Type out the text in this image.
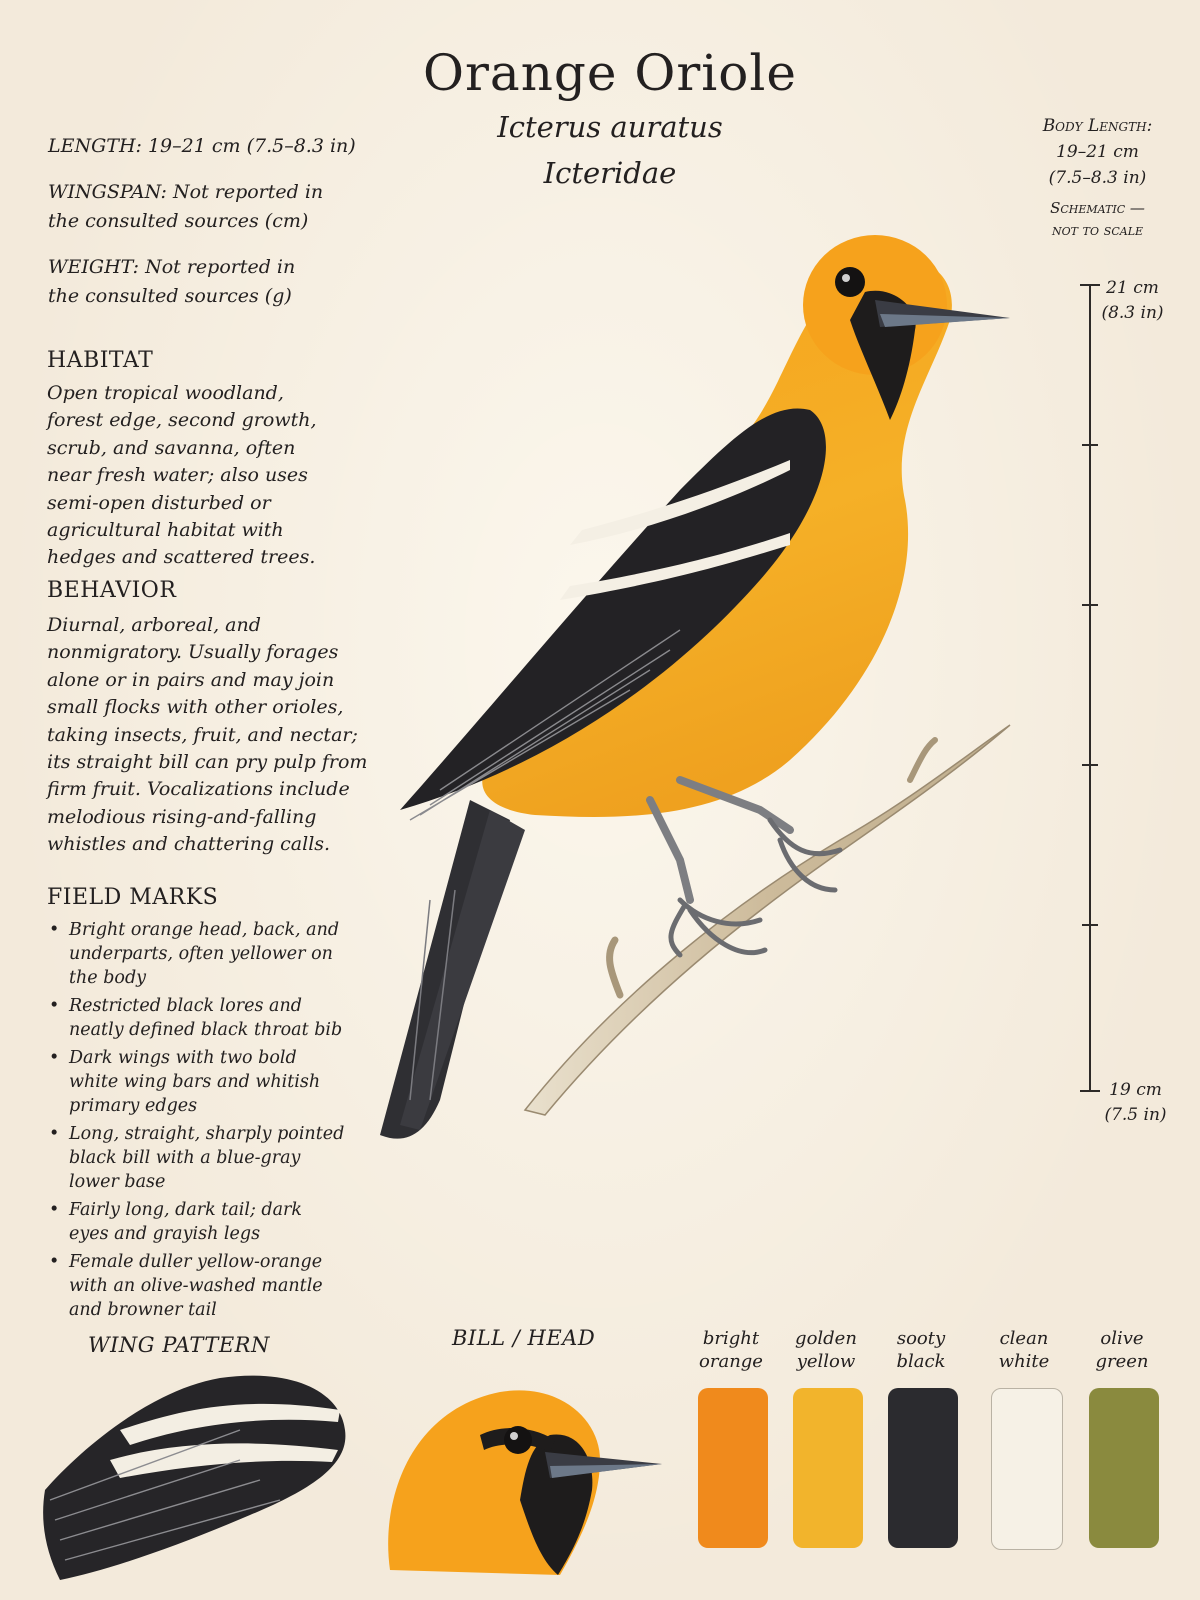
Orange Oriole
Icterus auratus
Icteridae
LENGTH: 19–21 cm (7.5–8.3 in)
WINGSPAN: Not reported in the consulted sources (cm)
WEIGHT: Not reported in the consulted sources (g)
HABITAT
Open tropical woodland, forest edge, second growth, scrub, and savanna, often near fresh water; also uses semi-open disturbed or agricultural habitat with hedges and scattered trees.
BEHAVIOR
Diurnal, arboreal, and nonmigratory. Usually forages alone or in pairs and may join small flocks with other orioles, taking insects, fruit, and nectar; its straight bill can pry pulp from firm fruit. Vocalizations include melodious rising-and-falling whistles and chattering calls.
FIELD MARKS
• Bright orange head, back, and underparts, often yellower on the body
• Restricted black lores and neatly defined black throat bib
• Dark wings with two bold white wing bars and whitish primary edges
• Long, straight, sharply pointed black bill with a blue-gray lower base
• Fairly long, dark tail; dark eyes and grayish legs
• Female duller yellow-orange with an olive-washed mantle and browner tail
Body Length:
19–21 cm
(7.5–8.3 in)
Schematic —
not to scale
21 cm
(8.3 in)
19 cm
(7.5 in)
WING PATTERN	BILL / HEAD	bright
orange
golden
yellow
sooty
black
clean
white
olive
green
